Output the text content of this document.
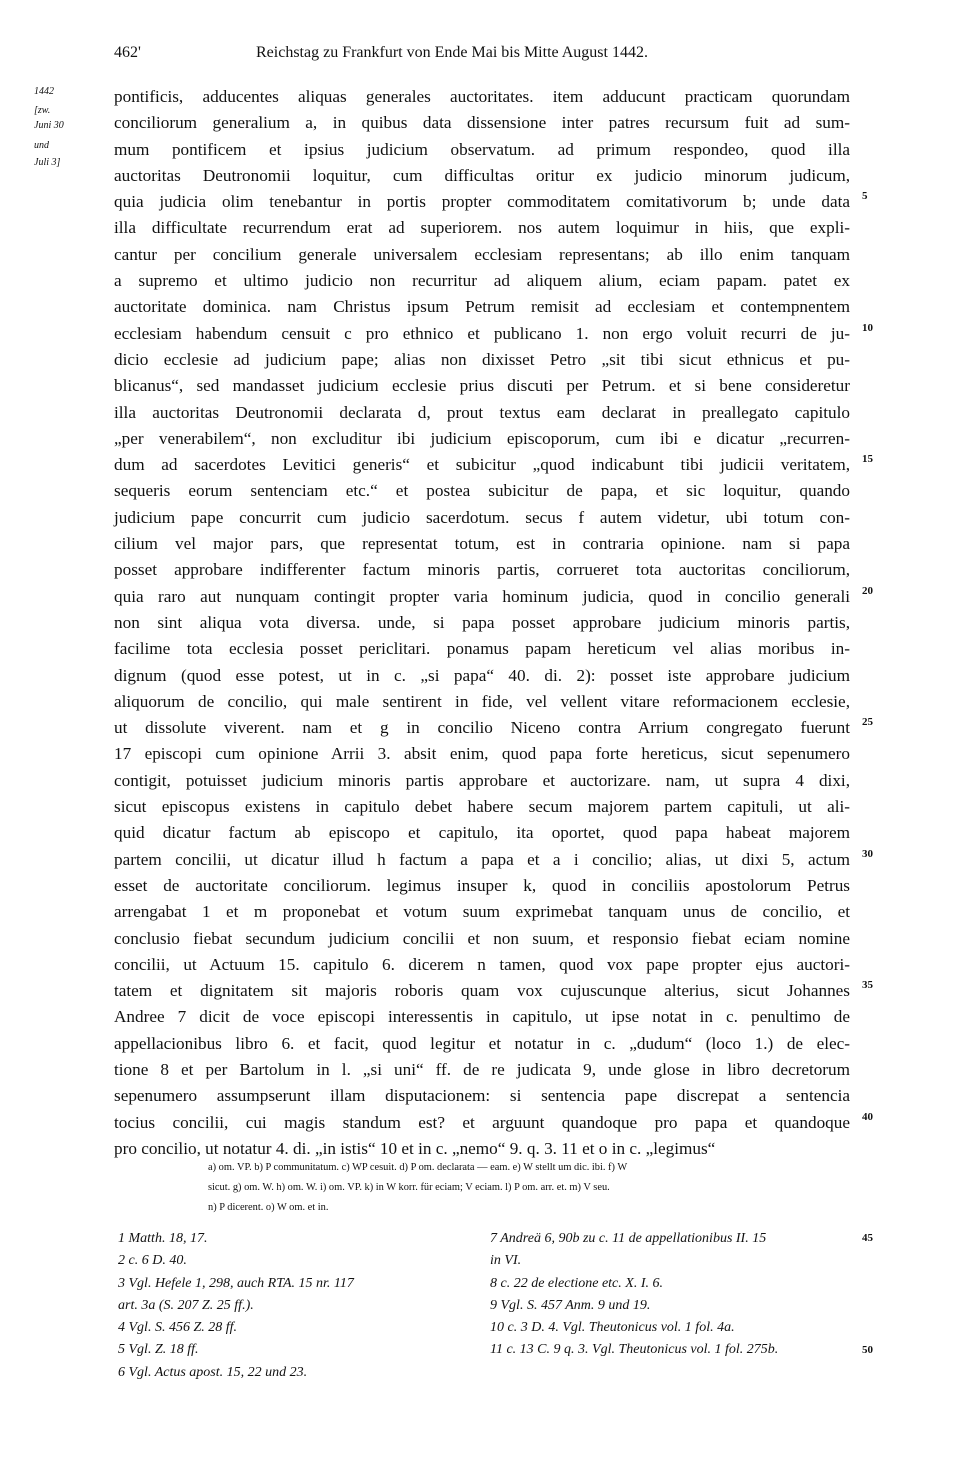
462'	Reichstag zu Frankfurt von Ende Mai bis Mitte August 1442.
1442
[zw.
Juni 30
und
Juli 3]
pontificis, adducentes aliquas generales auctoritates. item adducunt practicam quorundam
conciliorum generalium a, in quibus data dissensione inter patres recursum fuit ad sum-
mum pontificem et ipsius judicium observatum. ad primum respondeo, quod illa
auctoritas Deutronomii loquitur, cum difficultas oritur ex judicio minorum judicum,
quia judicia olim tenebantur in portis propter commoditatem comitativorum b; unde data
illa difficultate recurrendum erat ad superiorem. nos autem loquimur in hiis, que expli-
cantur per concilium generale universalem ecclesiam representans; ab illo enim tanquam
a supremo et ultimo judicio non recurritur ad aliquem alium, eciam papam. patet ex
auctoritate dominica. nam Christus ipsum Petrum remisit ad ecclesiam et contempnentem
ecclesiam habendum censuit c pro ethnico et publicano 1. non ergo voluit recurri de ju-
dicio ecclesie ad judicium pape; alias non dixisset Petro „sit tibi sicut ethnicus et pu-
blicanus“, sed mandasset judicium ecclesie prius discuti per Petrum. et si bene consideretur
illa auctoritas Deutronomii declarata d, prout textus eam declarat in preallegato capitulo
„per venerabilem“, non excluditur ibi judicium episcoporum, cum ibi e dicatur „recurren-
dum ad sacerdotes Levitici generis“ et subicitur „quod indicabunt tibi judicii veritatem,
sequeris eorum sentenciam etc.“ et postea subicitur de papa, et sic loquitur, quando
judicium pape concurrit cum judicio sacerdotum. secus f autem videtur, ubi totum con-
cilium vel major pars, que representat totum, est in contraria opinione. nam si papa
posset approbare indifferenter factum minoris partis, corrueret tota auctoritas conciliorum,
quia raro aut nunquam contingit propter varia hominum judicia, quod in concilio generali
non sint aliqua vota diversa. unde, si papa posset approbare judicium minoris partis,
facilime tota ecclesia posset periclitari. ponamus papam hereticum vel alias moribus in-
dignum (quod esse potest, ut in c. „si papa“ 40. di. 2): posset iste approbare judicium
aliquorum de concilio, qui male sentirent in fide, vel vellent vitare reformacionem ecclesie,
ut dissolute viverent. nam et g in concilio Niceno contra Arrium congregato fuerunt
17 episcopi cum opinione Arrii 3. absit enim, quod papa forte hereticus, sicut sepenumero
contigit, potuisset judicium minoris partis approbare et auctorizare. nam, ut supra 4 dixi,
sicut episcopus existens in capitulo debet habere secum majorem partem capituli, ut ali-
quid dicatur factum ab episcopo et capitulo, ita oportet, quod papa habeat majorem
partem concilii, ut dicatur illud h factum a papa et a i concilio; alias, ut dixi 5, actum
esset de auctoritate conciliorum. legimus insuper k, quod in conciliis apostolorum Petrus
arrengabat 1 et m proponebat et votum suum exprimebat tanquam unus de concilio, et
conclusio fiebat secundum judicium concilii et non suum, et responsio fiebat eciam nomine
concilii, ut Actuum 15. capitulo 6. dicerem n tamen, quod vox pape propter ejus auctori-
tatem et dignitatem sit majoris roboris quam vox cujuscunque alterius, sicut Johannes
Andree 7 dicit de voce episcopi interessentis in capitulo, ut ipse notat in c. penultimo de
appellacionibus libro 6. et facit, quod legitur et notatur in c. „dudum“ (loco 1.) de elec-
tione 8 et per Bartolum in l. „si uni“ ff. de re judicata 9, unde glose in libro decretorum
sepenumero assumpserunt illam disputacionem: si sentencia pape discrepat a sentencia
tocius concilii, cui magis standum est? et arguunt quandoque pro papa et quandoque
pro concilio, ut notatur 4. di. „in istis“ 10 et in c. „nemo“ 9. q. 3. 11 et o in c. „legimus“
5
10
15
20
25
30
35
40
a) om. VP. b) P communitatum. c) WP cesuit. d) P om. declarata — eam. e) W stellt um dic. ibi. f) W
sicut. g) om. W. h) om. W. i) om. VP. k) in W korr. für eciam; V eciam. l) P om. arr. et. m) V seu.
n) P dicerent. o) W om. et in.
1 Matth. 18, 17.
2 c. 6 D. 40.
3 Vgl. Hefele 1, 298, auch RTA. 15 nr. 117
art. 3a (S. 207 Z. 25 ff.).
4 Vgl. S. 456 Z. 28 ff.
5 Vgl. Z. 18 ff.
6 Vgl. Actus apost. 15, 22 und 23.
7 Andreä 6, 90b zu c. 11 de appellationibus II. 15
in VI.
8 c. 22 de electione etc. X. I. 6.
9 Vgl. S. 457 Anm. 9 und 19.
10 c. 3 D. 4. Vgl. Theutonicus vol. 1 fol. 4a.
11 c. 13 C. 9 q. 3. Vgl. Theutonicus vol. 1 fol. 275b.
45
50
